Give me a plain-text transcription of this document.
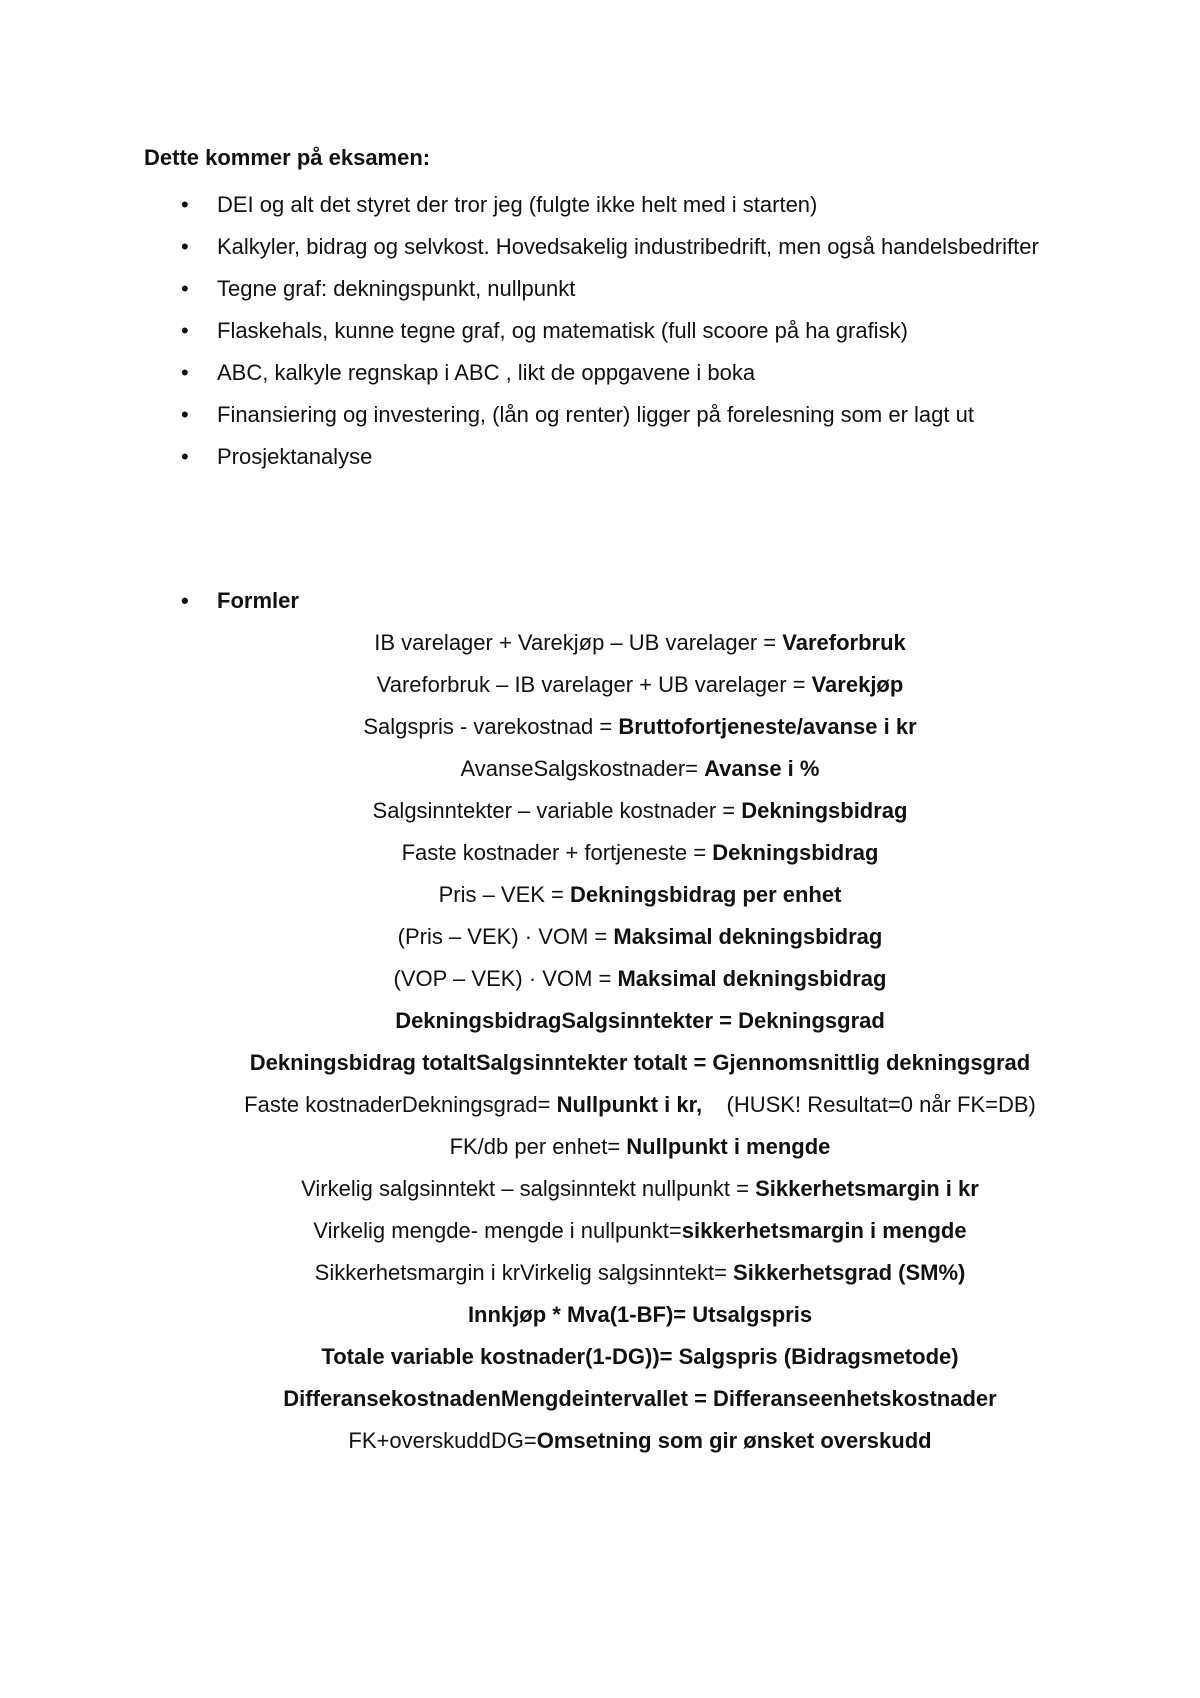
Dette kommer på eksamen:
• DEI og alt det styret der tror jeg (fulgte ikke helt med i starten)
• Kalkyler, bidrag og selvkost. Hovedsakelig industribedrift, men også handelsbedrifter
• Tegne graf: dekningspunkt, nullpunkt
• Flaskehals, kunne tegne graf, og matematisk (full scoore på ha grafisk)
• ABC, kalkyle regnskap i ABC , likt de oppgavene i boka
• Finansiering og investering, (lån og renter) ligger på forelesning som er lagt ut
• Prosjektanalyse
• Formler

IB varelager + Varekjøp – UB varelager = Vareforbruk

Vareforbruk – IB varelager + UB varelager = Varekjøp

Salgspris - varekostnad = Bruttofortjeneste/avanse i kr

AvanseSalgskostnader= Avanse i %

Salgsinntekter – variable kostnader = Dekningsbidrag

Faste kostnader + fortjeneste = Dekningsbidrag

Pris – VEK = Dekningsbidrag per enhet

(Pris – VEK) · VOM = Maksimal dekningsbidrag

(VOP – VEK) · VOM = Maksimal dekningsbidrag

DekningsbidragSalgsinntekter = Dekningsgrad

Dekningsbidrag totaltSalgsinntekter totalt = Gjennomsnittlig dekningsgrad

Faste kostnaderDekningsgrad= Nullpunkt i kr,    (HUSK! Resultat=0 når FK=DB)

FK/db per enhet= Nullpunkt i mengde

Virkelig salgsinntekt – salgsinntekt nullpunkt = Sikkerhetsmargin i kr

Virkelig mengde- mengde i nullpunkt=sikkerhetsmargin i mengde

Sikkerhetsmargin i krVirkelig salgsinntekt= Sikkerhetsgrad (SM%)

Innkjøp * Mva(1-BF)= Utsalgspris

Totale variable kostnader(1-DG))= Salgspris (Bidragsmetode)

DifferansekostnadenMengdeintervallet = Differanseenhetskostnader

FK+overskuddDG=Omsetning som gir ønsket overskudd
